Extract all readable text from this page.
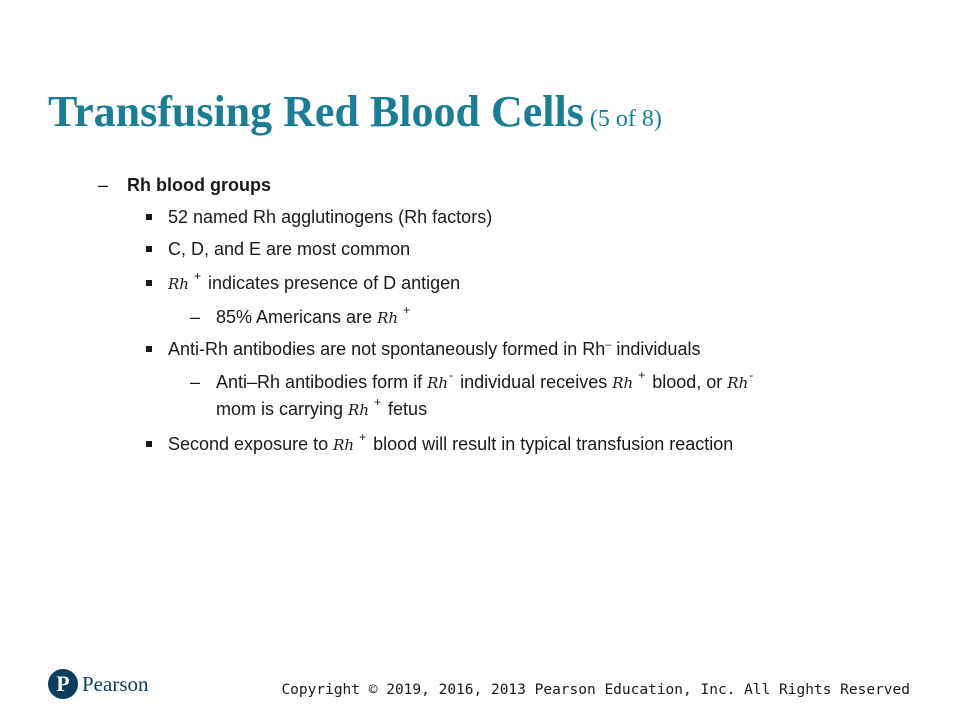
Transfusing Red Blood Cells (5 of 8)
– Rh blood groups
52 named Rh agglutinogens (Rh factors)
C, D, and E are most common
Rh + indicates presence of D antigen
– 85% Americans are Rh +
Anti-Rh antibodies are not spontaneously formed in Rh– individuals
– Anti–Rh antibodies form if Rh- individual receives Rh + blood, or Rh-
mom is carrying Rh + fetus
Second exposure to Rh + blood will result in typical transfusion reaction
P Pearson	Copyright © 2019, 2016, 2013 Pearson Education, Inc. All Rights Reserved
